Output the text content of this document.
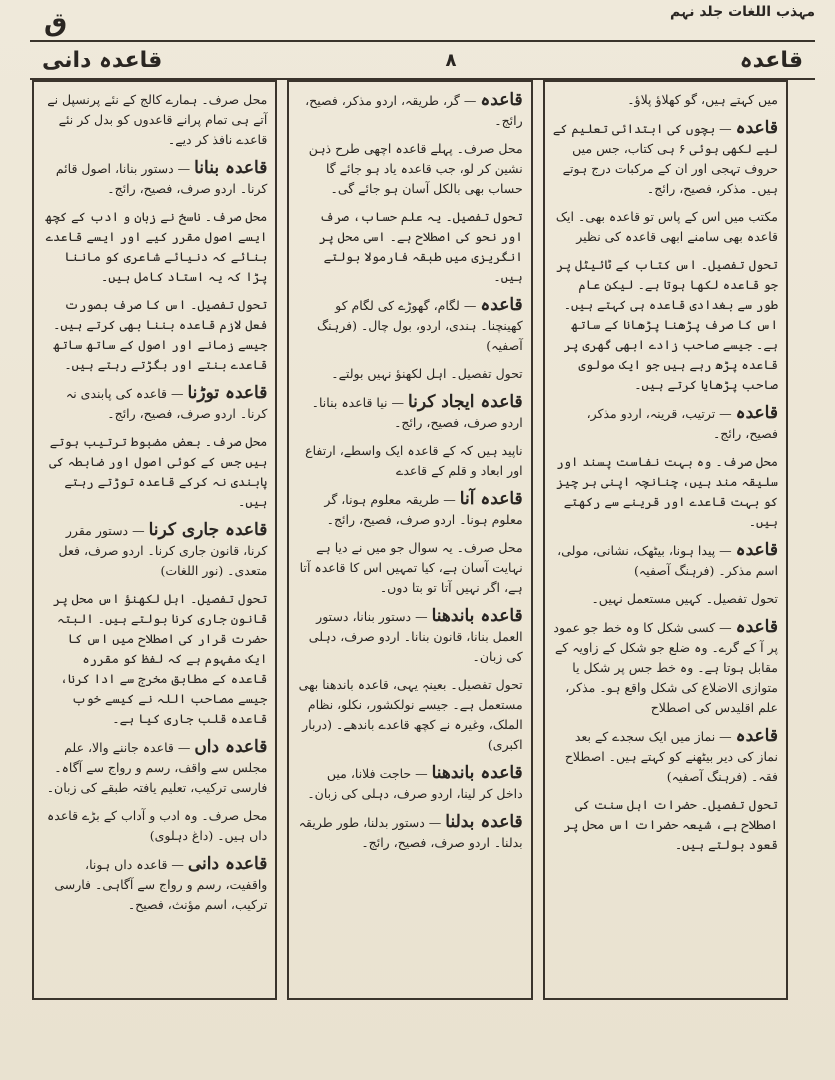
ق	مہذب اللغات جلد نہم
قاعدہ
۸
قاعدہ دانی

میں کہتے ہیں، گو کھلاؤ پلاؤ۔

قاعدہ — بچوں کی ابتدائی تعلیم کے لیے لکھی ہوئی ۶ ہی کتاب، جس میں حروف تہجی اور ان کے مرکبات درج ہوتے ہیں۔ مذکر، فصیح، رائج۔

مکتب میں اس کے پاس تو قاعدہ بھی۔ ایک قاعدہ بھی سامنے ابھی قاعدہ کی نظیر

تحول تفصیل۔ اس کتاب کے ٹائیٹل پر جو قاعدہ لکھا ہوتا ہے۔ لیکن عام طور سے بغدادی قاعدہ ہی کہتے ہیں۔ اس کا صرف پڑھنا پڑھانا کے ساتھ ہے۔ جیسے صاحب زادے ابھی گھری پر قاعدہ پڑھ رہے ہیں جو ایک مولوی صاحب پڑھایا کرتے ہیں۔

قاعدہ — ترتیب، قرینہ، اردو مذکر، فصیح، رائج۔

محل صرف۔ وہ بہت نفاست پسند اور سلیقہ مند ہیں، چنانچہ اپنی ہر چیز کو بہت قاعدے اور قرینے سے رکھتے ہیں۔

قاعدہ — پیدا ہونا، بیٹھک، نشانی، مولی، اسم مذکر۔ (فرہنگ آصفیہ)

تحول تفصیل۔ کہیں مستعمل نہیں۔

قاعدہ — کسی شکل کا وہ خط جو عمود پر آ کے گرے۔ وہ ضلع جو شکل کے زاویہ کے مقابل ہوتا ہے۔ وہ خط جس پر شکل یا متوازی الاضلاع کی شکل واقع ہو۔ مذکر، علم اقلیدس کی اصطلاح

قاعدہ — نماز میں ایک سجدے کے بعد نماز کی دیر بیٹھنے کو کہتے ہیں۔ اصطلاح فقہ۔ (فرہنگ آصفیہ)

تحول تفصیل۔ حضرات اہل سنت کی اصطلاح ہے، شیعہ حضرات اس محل پر قعود بولتے ہیں۔

قاعدہ — گر، طریقہ، اردو مذکر، فصیح، رائج۔

محل صرف۔ پہلے قاعدہ اچھی طرح ذہن نشین کر لو، جب قاعدہ یاد ہو جائے گا حساب بھی بالکل آسان ہو جائے گی۔

تحول تفصیل۔ یہ علم حساب، صرف اور نحو کی اصطلاح ہے۔ اسی محل پر انگریزی میں طبقہ فارمولا بولتے ہیں۔

قاعدہ — لگام، گھوڑے کی لگام کو کھینچنا۔ ہندی، اردو، بول چال۔ (فرہنگ آصفیہ)

تحول تفصیل۔ اہل لکھنؤ نہیں بولتے۔

قاعدہ ایجاد کرنا — نیا قاعدہ بنانا۔ اردو صرف، فصیح، رائج۔

ناپید ہیں کہ کے قاعدہ ایک واسطے، ارتفاع اور ابعاد و قلم کے قاعدے

قاعدہ آنا — طریقہ معلوم ہونا، گر معلوم ہونا۔ اردو صرف، فصیح، رائج۔

محل صرف۔ یہ سوال جو میں نے دیا ہے نہایت آسان ہے، کیا تمہیں اس کا قاعدہ آتا ہے، اگر نہیں آتا تو بتا دوں۔

قاعدہ باندھنا — دستور بنانا، دستور العمل بنانا، قانون بنانا۔ اردو صرف، دہلی کی زبان۔

تحول تفصیل۔ بعینہٖ یہی، قاعدہ باندھنا بھی مستعمل ہے۔ جیسے نولکشور، نکلو، نظام الملک، وغیرہ نے کچھ قاعدے باندھے۔ (دربار اکبری)

قاعدہ باندھنا — حاجت فلانا، میں داخل کر لینا، اردو صرف، دہلی کی زبان۔

قاعدہ بدلنا — دستور بدلنا، طور طریقہ بدلنا۔ اردو صرف، فصیح، رائج۔

محل صرف۔ ہمارے کالج کے نئے پرنسپل نے آتے ہی تمام پرانے قاعدوں کو بدل کر نئے قاعدے نافذ کر دیے۔

قاعدہ بنانا — دستور بنانا، اصول قائم کرنا۔ اردو صرف، فصیح، رائج۔

محل صرف۔ ناسخ نے زبان و ادب کے کچھ ایسے اصول مقرر کیے اور ایسے قاعدے بنائے کہ دنیائے شاعری کو ماننا پڑا کہ یہ استاد کامل ہیں۔

تحول تفصیل۔ اس کا صرف بصورت فعل لازم قاعدہ بننا بھی کرتے ہیں۔ جیسے زمانے اور اصول کے ساتھ ساتھ قاعدے بنتے اور بگڑتے رہتے ہیں۔

قاعدہ توڑنا — قاعدہ کی پابندی نہ کرنا۔ اردو صرف، فصیح، رائج۔

محل صرف۔ بعض مضبوط ترتیب ہوتے ہیں جس کے کوئی اصول اور ضابطہ کی پابندی نہ کرکے قاعدہ توڑتے رہتے ہیں۔

قاعدہ جاری کرنا — دستور مقرر کرنا، قانون جاری کرنا۔ اردو صرف، فعل متعدی۔ (نور اللغات)

تحول تفصیل۔ اہل لکھنؤ اس محل پر قانون جاری کرنا بولتے ہیں۔ البتہ حضرت قرار کی اصطلاح میں اس کا ایک مفہوم ہے کہ لفظ کو مقررہ قاعدہ کے مطابق مخرج سے ادا کرنا، جیسے مصاحب اللہ نے کیسے خوب قاعدہ قلب جاری کیا ہے۔

قاعدہ داں — قاعدہ جاننے والا، علم مجلس سے واقف، رسم و رواج سے آگاہ۔ فارسی ترکیب، تعلیم یافتہ طبقے کی زبان۔

محل صرف۔ وہ ادب و آداب کے بڑے قاعدہ داں ہیں۔ (داغ دہلوی)

قاعدہ دانی — قاعدہ داں ہونا، واقفیت، رسم و رواج سے آگاہی۔ فارسی ترکیب، اسم مؤنث، فصیح۔
